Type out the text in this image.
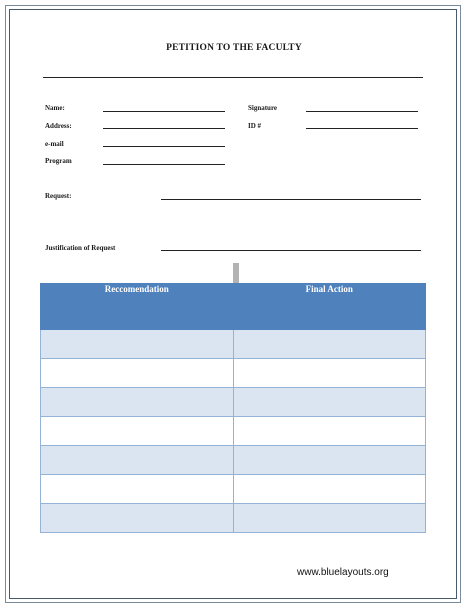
PETITION TO THE FACULTY
Name:
Address:
e-mail
Program
Signature
ID #
Request:
Justification of Request
Reccomendation	Final Action

www.bluelayouts.org
